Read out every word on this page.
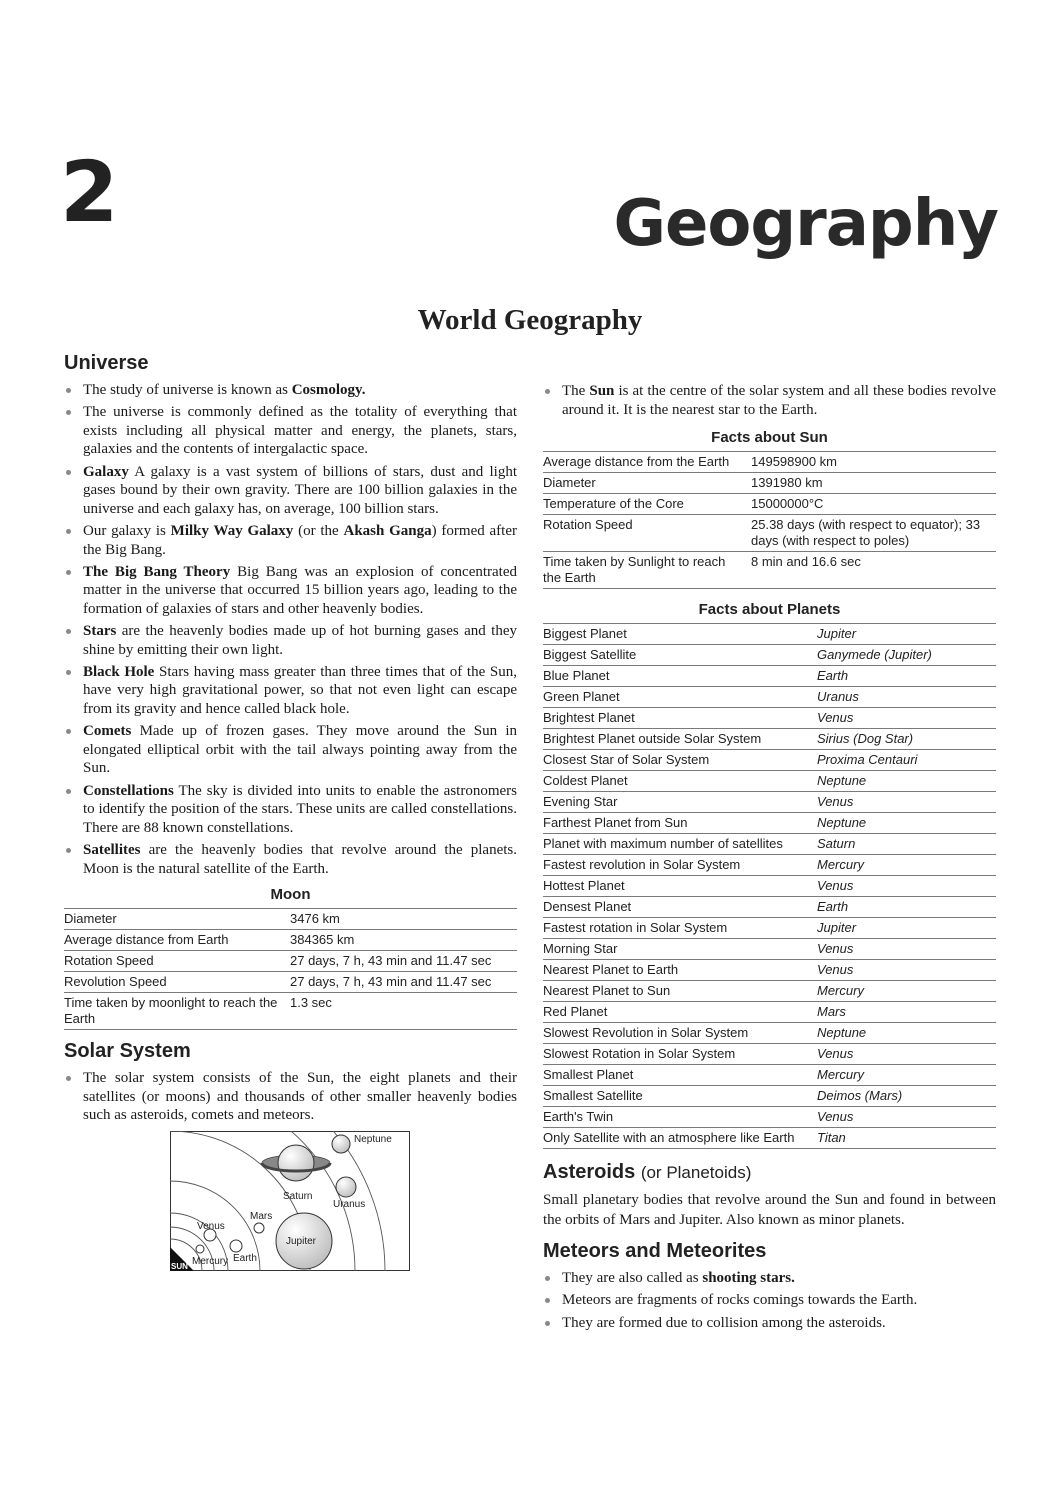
2	Geography
World Geography
Universe
The study of universe is known as Cosmology.
The universe is commonly defined as the totality of everything that exists including all physical matter and energy, the planets, stars, galaxies and the contents of intergalactic space.
Galaxy A galaxy is a vast system of billions of stars, dust and light gases bound by their own gravity. There are 100 billion galaxies in the universe and each galaxy has, on average, 100 billion stars.
Our galaxy is Milky Way Galaxy (or the Akash Ganga) formed after the Big Bang.
The Big Bang Theory Big Bang was an explosion of concentrated matter in the universe that occurred 15 billion years ago, leading to the formation of galaxies of stars and other heavenly bodies.
Stars are the heavenly bodies made up of hot burning gases and they shine by emitting their own light.
Black Hole Stars having mass greater than three times that of the Sun, have very high gravitational power, so that not even light can escape from its gravity and hence called black hole.
Comets Made up of frozen gases. They move around the Sun in elongated elliptical orbit with the tail always pointing away from the Sun.
Constellations The sky is divided into units to enable the astronomers to identify the position of the stars. These units are called constellations. There are 88 known constellations.
Satellites are the heavenly bodies that revolve around the planets. Moon is the natural satellite of the Earth.
Moon
Diameter	3476 km
Average distance from Earth	384365 km
Rotation Speed	27 days, 7 h, 43 min and 11.47 sec
Revolution Speed	27 days, 7 h, 43 min and 11.47 sec
Time taken by moonlight to reach the Earth	1.3 sec
Solar System
The solar system consists of the Sun, the eight planets and their satellites (or moons) and thousands of other smaller heavenly bodies such as asteroids, comets and meteors.
SUN
Neptune
Saturn
Uranus
Mars
Venus
Jupiter
Mercury Earth
The Sun is at the centre of the solar system and all these bodies revolve around it. It is the nearest star to the Earth.
Facts about Sun
Average distance from the Earth	149598900 km
Diameter	1391980 km
Temperature of the Core	15000000°C
Rotation Speed	25.38 days (with respect to equator); 33 days (with respect to poles)
Time taken by Sunlight to reach the Earth	8 min and 16.6 sec
Facts about Planets
Biggest Planet	Jupiter
Biggest Satellite	Ganymede (Jupiter)
Blue Planet	Earth
Green Planet	Uranus
Brightest Planet	Venus
Brightest Planet outside Solar System	Sirius (Dog Star)
Closest Star of Solar System	Proxima Centauri
Coldest Planet	Neptune
Evening Star	Venus
Farthest Planet from Sun	Neptune
Planet with maximum number of satellites	Saturn
Fastest revolution in Solar System	Mercury
Hottest Planet	Venus
Densest Planet	Earth
Fastest rotation in Solar System	Jupiter
Morning Star	Venus
Nearest Planet to Earth	Venus
Nearest Planet to Sun	Mercury
Red Planet	Mars
Slowest Revolution in Solar System	Neptune
Slowest Rotation in Solar System	Venus
Smallest Planet	Mercury
Smallest Satellite	Deimos (Mars)
Earth's Twin	Venus
Only Satellite with an atmosphere like Earth	Titan
Asteroids (or Planetoids)

Small planetary bodies that revolve around the Sun and found in between the orbits of Mars and Jupiter. Also known as minor planets.

Meteors and Meteorites
They are also called as shooting stars.
Meteors are fragments of rocks comings towards the Earth.
They are formed due to collision among the asteroids.
